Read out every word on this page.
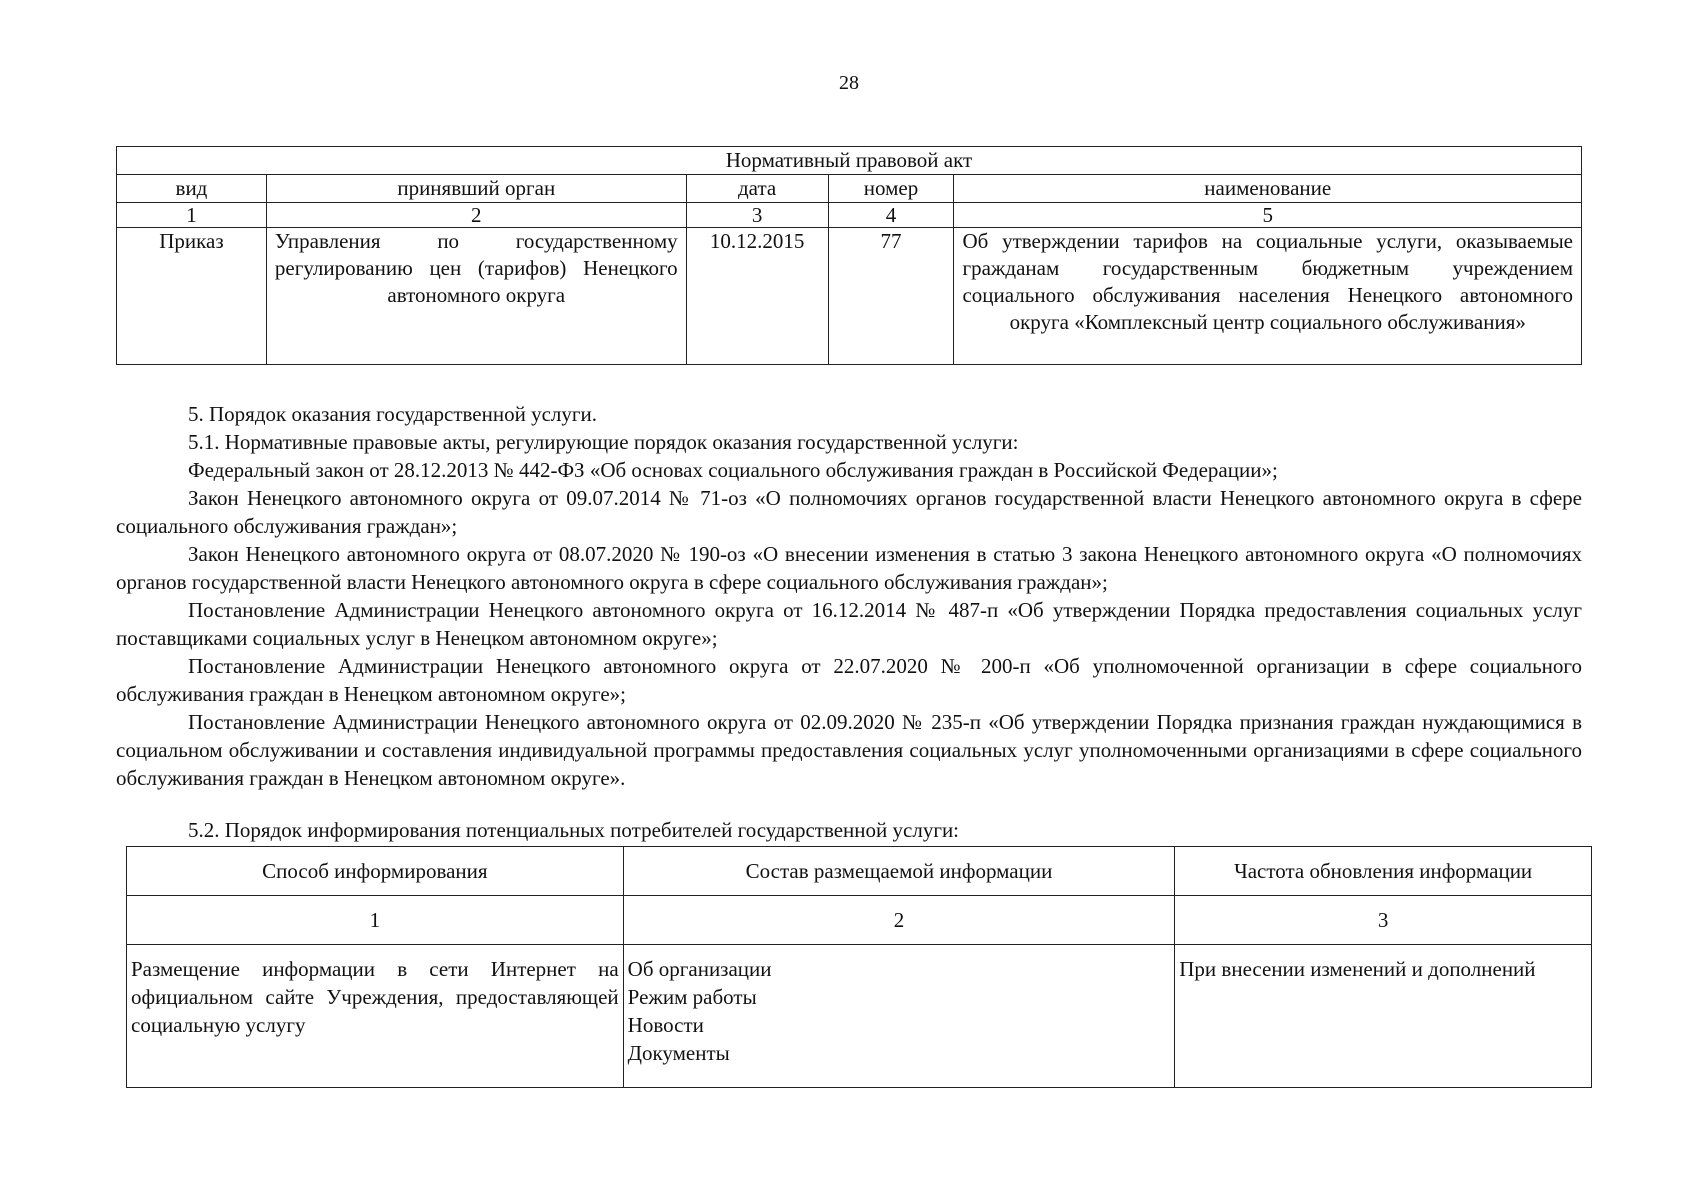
28
Нормативный правовой акт				
вид	принявший орган	дата	номер	наименование
1	2	3	4	5
Приказ	Управления по государственному регулированию цен (тарифов) Ненецкого автономного округа	10.12.2015	77	Об утверждении тарифов на социальные услуги, оказываемые гражданам государственным бюджетным учреждением социального обслуживания населения Ненецкого автономного округа «Комплексный центр социального обслуживания»

5. Порядок оказания государственной услуги.

5.1. Нормативные правовые акты, регулирующие порядок оказания государственной услуги:

Федеральный закон от 28.12.2013 № 442-ФЗ «Об основах социального обслуживания граждан в Российской Федерации»;

Закон Ненецкого автономного округа от 09.07.2014 № 71-оз «О полномочиях органов государственной власти Ненецкого автономного округа в сфере социального обслуживания граждан»;

Закон Ненецкого автономного округа от 08.07.2020 № 190-оз «О внесении изменения в статью 3 закона Ненецкого автономного округа «О полномочиях органов государственной власти Ненецкого автономного округа в сфере социального обслуживания граждан»;

Постановление Администрации Ненецкого автономного округа от 16.12.2014 № 487-п «Об утверждении Порядка предоставления социальных услуг поставщиками социальных услуг в Ненецком автономном округе»;

Постановление Администрации Ненецкого автономного округа от 22.07.2020 № 200-п «Об уполномоченной организации в сфере социального обслуживания граждан в Ненецком автономном округе»;

Постановление Администрации Ненецкого автономного округа от 02.09.2020 № 235-п «Об утверждении Порядка признания граждан нуждающимися в социальном обслуживании и составления индивидуальной программы предоставления социальных услуг уполномоченными организациями в сфере социального обслуживания граждан в Ненецком автономном округе».

5.2. Порядок информирования потенциальных потребителей государственной услуги:
Способ информирования	Состав размещаемой информации	Частота обновления информации
1	2	3
Размещение информации в сети Интернет на официальном сайте Учреждения, предоставляющей социальную услугу	Об организации
Режим работы
Новости
Документы	При внесении изменений и дополнений
